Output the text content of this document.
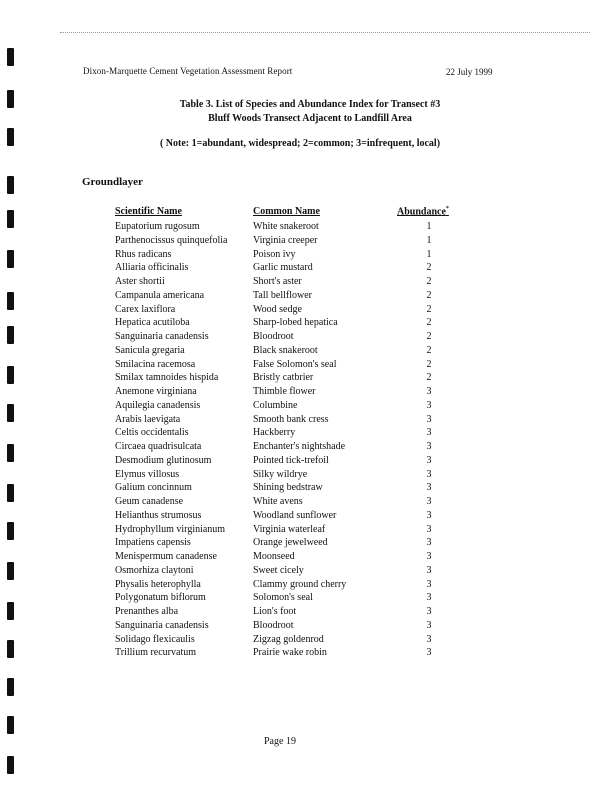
Dixon-Marquette Cement Vegetation Assessment Report	22 July 1999
Table 3. List of Species and Abundance Index for Transect #3
Bluff Woods Transect Adjacent to Landfill Area
( Note: 1=abundant, widespread; 2=common; 3=infrequent, local)
Groundlayer
Scientific Name	Common Name	Abundance*
Eupatorium rugosum	White snakeroot	1
Parthenocissus quinquefolia	Virginia creeper	1
Rhus radicans	Poison ivy	1
Alliaria officinalis	Garlic mustard	2
Aster shortii	Short's aster	2
Campanula americana	Tall bellflower	2
Carex laxiflora	Wood sedge	2
Hepatica acutiloba	Sharp-lobed hepatica	2
Sanguinaria canadensis	Bloodroot	2
Sanicula gregaria	Black snakeroot	2
Smilacina racemosa	False Solomon's seal	2
Smilax tamnoides hispida	Bristly catbrier	2
Anemone virginiana	Thimble flower	3
Aquilegia canadensis	Columbine	3
Arabis laevigata	Smooth bank cress	3
Celtis occidentalis	Hackberry	3
Circaea quadrisulcata	Enchanter's nightshade	3
Desmodium glutinosum	Pointed tick-trefoil	3
Elymus villosus	Silky wildrye	3
Galium concinnum	Shining bedstraw	3
Geum canadense	White avens	3
Helianthus strumosus	Woodland sunflower	3
Hydrophyllum virginianum	Virginia waterleaf	3
Impatiens capensis	Orange jewelweed	3
Menispermum canadense	Moonseed	3
Osmorhiza claytoni	Sweet cicely	3
Physalis heterophylla	Clammy ground cherry	3
Polygonatum biflorum	Solomon's seal	3
Prenanthes alba	Lion's foot	3
Sanguinaria canadensis	Bloodroot	3
Solidago flexicaulis	Zigzag goldenrod	3
Trillium recurvatum	Prairie wake robin	3
Page 19
